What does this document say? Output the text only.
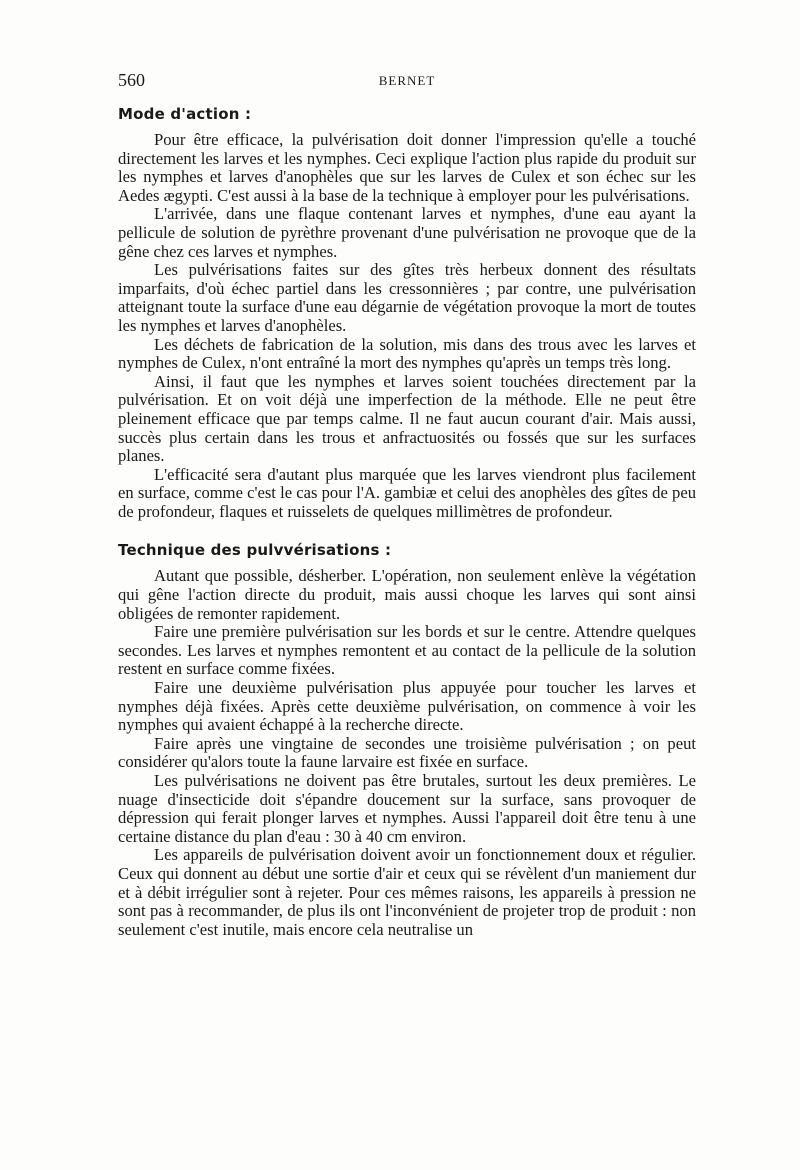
560	BERNET
Mode d'action :

Pour être efficace, la pulvérisation doit donner l'impression qu'elle a touché directement les larves et les nymphes. Ceci explique l'action plus rapide du produit sur les nymphes et larves d'anophèles que sur les larves de Culex et son échec sur les Aedes ægypti. C'est aussi à la base de la technique à employer pour les pulvérisations.

L'arrivée, dans une flaque contenant larves et nymphes, d'une eau ayant la pellicule de solution de pyrèthre provenant d'une pulvérisation ne provoque que de la gêne chez ces larves et nymphes.

Les pulvérisations faites sur des gîtes très herbeux donnent des résultats imparfaits, d'où échec partiel dans les cressonnières ; par contre, une pulvérisation atteignant toute la surface d'une eau dégarnie de végétation provoque la mort de toutes les nymphes et larves d'anophèles.

Les déchets de fabrication de la solution, mis dans des trous avec les larves et nymphes de Culex, n'ont entraîné la mort des nymphes qu'après un temps très long.

Ainsi, il faut que les nymphes et larves soient touchées directement par la pulvérisation. Et on voit déjà une imperfection de la méthode. Elle ne peut être pleinement efficace que par temps calme. Il ne faut aucun courant d'air. Mais aussi, succès plus certain dans les trous et anfractuosités ou fossés que sur les surfaces planes.

L'efficacité sera d'autant plus marquée que les larves viendront plus facilement en surface, comme c'est le cas pour l'A. gambiæ et celui des anophèles des gîtes de peu de profondeur, flaques et ruisselets de quelques millimètres de profondeur.

Technique des pulvvérisations :

Autant que possible, désherber. L'opération, non seulement enlève la végétation qui gêne l'action directe du produit, mais aussi choque les larves qui sont ainsi obligées de remonter rapidement.

Faire une première pulvérisation sur les bords et sur le centre. Attendre quelques secondes. Les larves et nymphes remontent et au contact de la pellicule de la solution restent en surface comme fixées.

Faire une deuxième pulvérisation plus appuyée pour toucher les larves et nymphes déjà fixées. Après cette deuxième pulvérisation, on commence à voir les nymphes qui avaient échappé à la recherche directe.

Faire après une vingtaine de secondes une troisième pulvérisation ; on peut considérer qu'alors toute la faune larvaire est fixée en surface.

Les pulvérisations ne doivent pas être brutales, surtout les deux premières. Le nuage d'insecticide doit s'épandre doucement sur la surface, sans provoquer de dépression qui ferait plonger larves et nymphes. Aussi l'appareil doit être tenu à une certaine distance du plan d'eau : 30 à 40 cm environ.

Les appareils de pulvérisation doivent avoir un fonctionnement doux et régulier. Ceux qui donnent au début une sortie d'air et ceux qui se révèlent d'un maniement dur et à débit irrégulier sont à rejeter. Pour ces mêmes raisons, les appareils à pression ne sont pas à recommander, de plus ils ont l'inconvénient de projeter trop de produit : non seulement c'est inutile, mais encore cela neutralise un
